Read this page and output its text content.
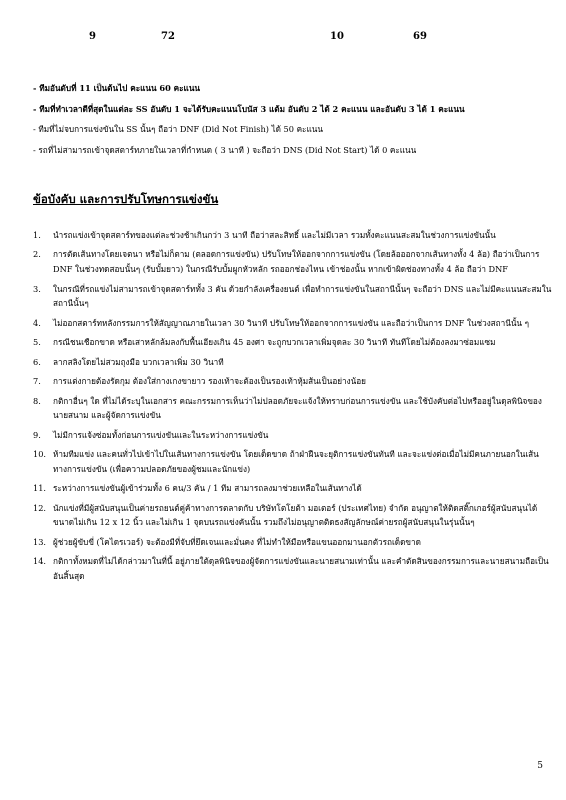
9	72	10	69
- ทีมอันดับที่ 11 เป็นต้นไป คะแนน 60 คะแนน
- ทีมที่ทำเวลาดีที่สุดในแต่ละ SS อันดับ 1 จะได้รับคะแนนโบนัส 3 แต้ม อันดับ 2 ได้ 2 คะแนน และอันดับ 3 ได้ 1 คะแนน
- ทีมที่ไม่จบการแข่งขันใน SS นั้นๆ ถือว่า DNF (Did Not Finish) ได้ 50 คะแนน
- รถที่ไม่สามารถเข้าจุดสตาร์ทภายในเวลาที่กำหนด ( 3 นาที ) จะถือว่า DNS (Did Not Start) ได้ 0 คะแนน
ข้อบังคับ และการปรับโทษการแข่งขัน
1. นำรถแข่งเข้าจุดสตาร์ทของแต่ละช่วงช้าเกินกว่า 3 นาที ถือว่าสละสิทธิ์ และไม่มีเวลา รวมทั้งคะแนนสะสมในช่วงการแข่งขันนั้น
2. การตัดเส้นทางโดยเจตนา หรือไม่ก็ตาม (ตลอดการแข่งขัน) ปรับโทษให้ออกจากการแข่งขัน (โดยล้อออกจากเส้นทางทั้ง 4 ล้อ) ถือว่าเป็นการ DNF ในช่วงทดสอบนั้นๆ (รับบั้มยาว) ในกรณีรับบั้มผูกหัวหลัก รถออกช่องไหน เข้าช่องนั้น หากเข้าผิดช่องทางทั้ง 4 ล้อ ถือว่า DNF
3. ในกรณีที่รถแข่งไม่สามารถเข้าจุดสตาร์ททั้ง 3 คัน ด้วยกำลังเครื่องยนต์ เพื่อทำการแข่งขันในสถานีนั้นๆ จะถือว่า DNS และไม่มีคะแนนสะสมในสถานีนั้นๆ
4. ไม่ออกสตาร์ทหลังกรรมการให้สัญญาณภายในเวลา 30 วินาที ปรับโทษให้ออกจากการแข่งขัน และถือว่าเป็นการ DNF ในช่วงสถานีนั้น ๆ
5. กรณีชนเชือกขาด หรือเสาหลักล้มลงกับพื้นเอียงเกิน 45 องศา จะถูกบวกเวลาเพิ่มจุดละ 30 วินาที ทันทีโดยไม่ต้องลงมาซ่อมแซม
6. ลากสลิงโดยไม่สวมถุงมือ บวกเวลาเพิ่ม 30 วินาที
7. การแต่งกายต้องรัดกุม ต้องใส่กางเกงขายาว รองเท้าจะต้องเป็นรองเท้าหุ้มส้นเป็นอย่างน้อย
8. กติกาอื่นๆ ใด ที่ไม่ได้ระบุในเอกสาร คณะกรรมการเห็นว่าไม่ปลอดภัยจะแจ้งให้ทราบก่อนการแข่งขัน และใช้บังคับต่อไปหรืออยู่ในดุลพินิจของนายสนาม และผู้จัดการแข่งขัน
9. ไม่มีการแจ้งซ่อมทั้งก่อนการแข่งขันและในระหว่างการแข่งขัน
10. ห้ามทีมแข่ง และคนทั่วไปเข้าไปในเส้นทางการแข่งขัน โดยเด็ดขาด ถ้าฝ่าฝืนจะยุติการแข่งขันทันที และจะแข่งต่อเมื่อไม่มีคนภายนอกในเส้นทางการแข่งขัน (เพื่อความปลอดภัยของผู้ชมและนักแข่ง)
11. ระหว่างการแข่งขันผู้เข้าร่วมทั้ง 6 คน/3 คัน / 1 ทีม สามารถลงมาช่วยเหลือในเส้นทางได้
12. นักแข่งที่มีผู้สนับสนุนเป็นค่ายรถยนต์คู่ค้าทางการตลาดกับ บริษัทโตโยต้า มอเตอร์ (ประเทศไทย) จำกัด อนุญาตให้ติดสติ๊กเกอร์ผู้สนับสนุนได้ขนาดไม่เกิน 12 x 12 นิ้ว และไม่เกิน 1 จุดบนรถแข่งคันนั้น รวมถึงไม่อนุญาตติดธงสัญลักษณ์ค่ายรถผู้สนับสนุนในรุ่นนั้นๆ
13. ผู้ช่วยผู้ขับขี่ (โคไดรเวอร์) จะต้องมีที่จับที่ยึดเจนและมั่นคง ที่ไม่ทำให้มือหรือแขนออกมานอกตัวรถเด็ดขาด
14. กติกาทั้งหมดที่ไม่ได้กล่าวมาในที่นี้ อยู่ภายใต้ดุลพินิจของผู้จัดการแข่งขันและนายสนามเท่านั้น และคำตัดสินของกรรมการและนายสนามถือเป็นอันสิ้นสุด
5
